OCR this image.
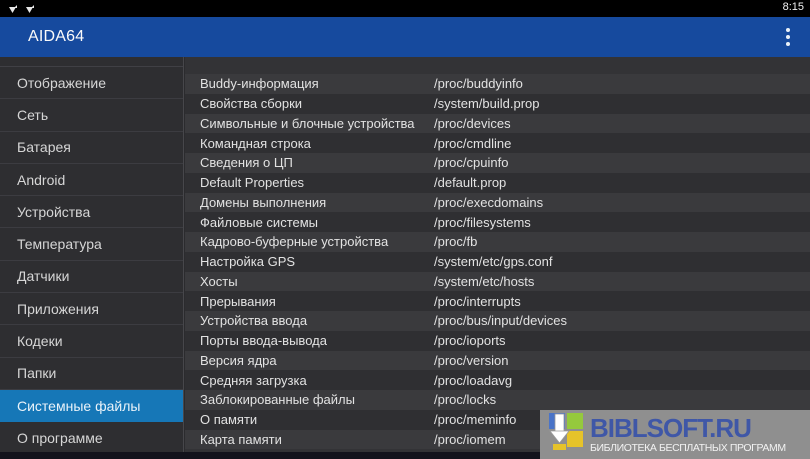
8:15
AIDA64
Отображение
Сеть
Батарея
Android
Устройства
Температура
Датчики
Приложения
Кодеки
Папки
Системные файлы
О программе
Buddy-информация	/proc/buddyinfo
Свойства сборки	/system/build.prop
Символьные и блочные устройства /proc/devices
Командная строка	/proc/cmdline
Сведения о ЦП	/proc/cpuinfo
Default Properties	/default.prop
Домены выполнения	/proc/execdomains
Файловые системы	/proc/filesystems
Кадрово-буферные устройства	/proc/fb
Настройка GPS	/system/etc/gps.conf
Хосты	/system/etc/hosts
Прерывания	/proc/interrupts
Устройства ввода	/proc/bus/input/devices
Порты ввода-вывода	/proc/ioports
Версия ядра	/proc/version
Средняя загрузка	/proc/loadavg
Заблокированные файлы	/proc/locks
О памяти	/proc/meminfo
Карта памяти	/proc/iomem	BIBLSOFT.RU
БИБЛИОТЕКА БЕСПЛАТНЫХ ПРОГРАММ
